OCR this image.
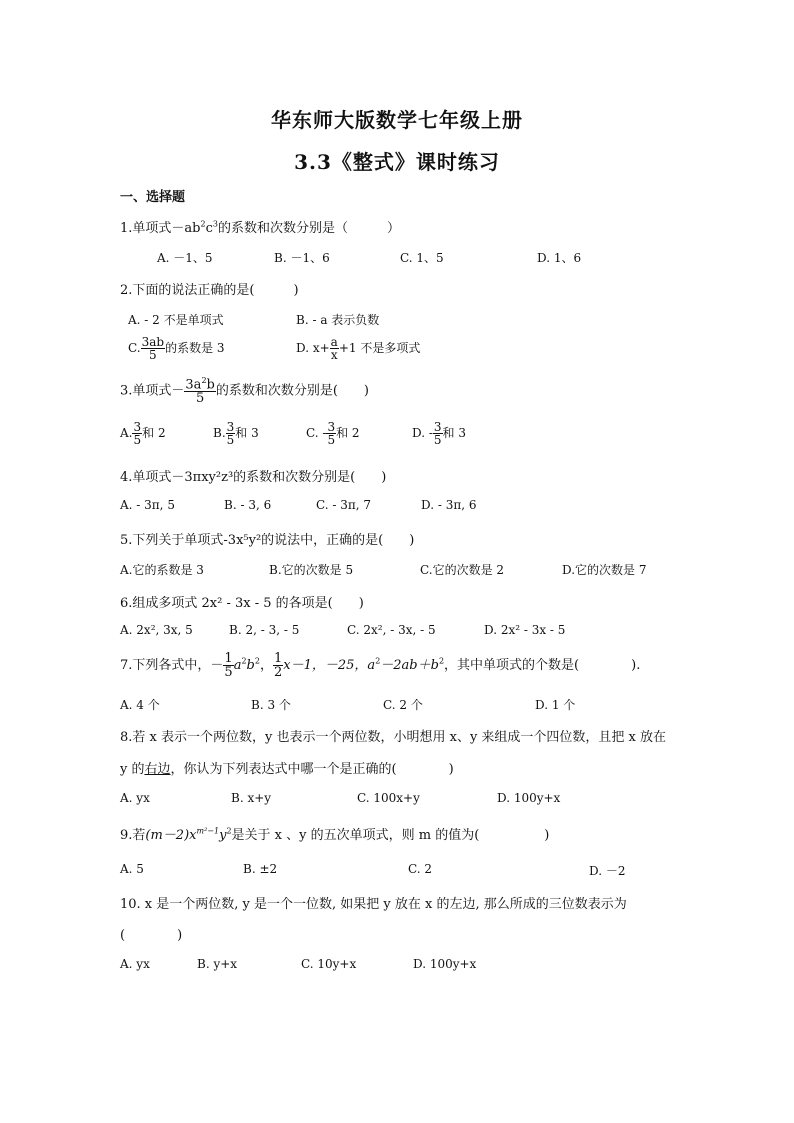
华东师大版数学七年级上册
3.3《整式》课时练习
一、选择题
1.单项式$-ab^2c^3$的系数和次数分别是（　　　）
A. －1、5	B. －1、6	C. 1、5	D. 1、6
2.下面的说法正确的是(　　　)
A. - 2 不是单项式	B. - a 表示负数
C. $\frac{3ab}{5}$ 的系数是 3	D. $x+ \frac{a}{x} +1$ 不是多项式
3.单项式－ $\frac{3a^2b}{5}$ 的系数和次数分别是(　　)
A. $\frac{3}{5}$ 和 2	B. $\frac{3}{5}$ 和 3	C. - $\frac{3}{5}$ 和 2	D. - $\frac{3}{5}$ 和 3
4.单项式－3πxy²z³的系数和次数分别是(　　)
A. - 3π, 5	B. - 3, 6	C. - 3π, 7	D. - 3π, 6
5.下列关于单项式-3x⁵y²的说法中，正确的是(　　)
A.它的系数是 3	B.它的次数是 5	C.它的次数是 2	D.它的次数是 7
6.组成多项式 2x² - 3x - 5 的各项是(　　)
A. 2x², 3x, 5	B. 2, - 3, - 5	C. 2x², - 3x, - 5	D. 2x² - 3x - 5
7.下列各式中，－ $\frac{1}{5} a^2b^2$， $\frac{1}{2} x-1$，－25，$a^2-2ab+b^2$，其中单项式的个数是(　　　　).
A. 4 个	B. 3 个	C. 2 个	D. 1 个
8.若 x 表示一个两位数，y 也表示一个两位数，小明想用 x、y 来组成一个四位数，且把 x 放在
y 的右边，你认为下列表达式中哪一个是正确的(　　　　)
A. yx	B. x+y	C. 100x+y	D. 100y+x
9.若$(m-2)x^{m^2-1}y^2$是关于 x 、y 的五次单项式，则 m 的值为(　　　　　)
A. 5	B. ±2	C. 2	D. －2
10. x 是一个两位数, y 是一个一位数, 如果把 y 放在 x 的左边, 那么所成的三位数表示为
(　　　　)
A. yx	B. y+x	C. 10y+x	D. 100y+x
